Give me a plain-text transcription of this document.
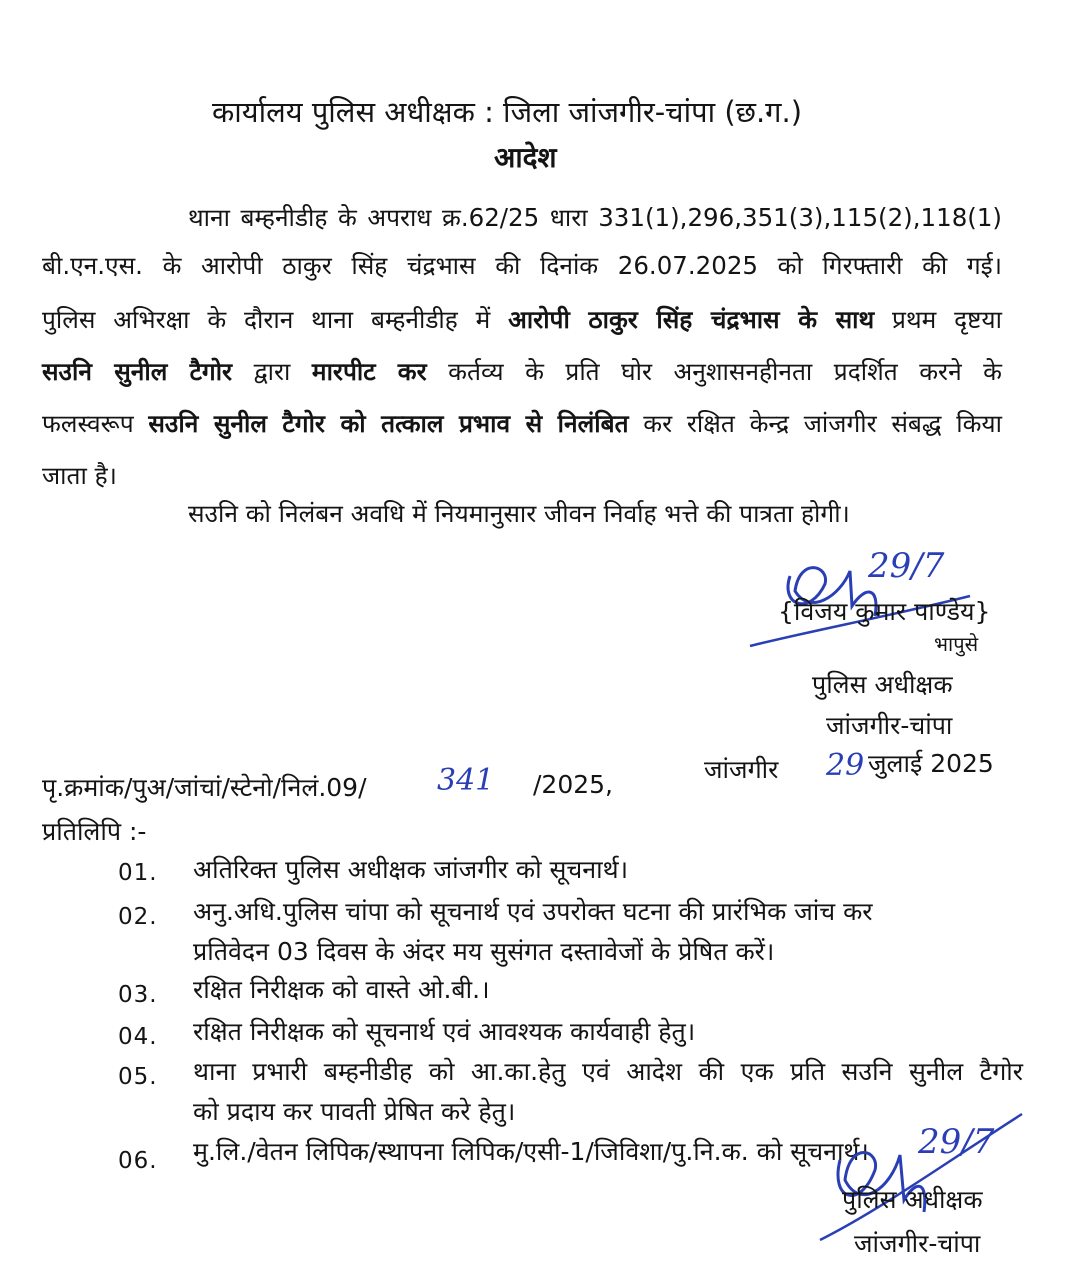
कार्यालय पुलिस अधीक्षक : जिला जांजगीर-चांपा (छ.ग.)
आदेश
थाना बम्हनीडीह के अपराध क्र.62/25 धारा 331(1),296,351(3),115(2),118(1)
बी.एन.एस. के आरोपी ठाकुर सिंह चंद्रभास की दिनांक 26.07.2025 को गिरफ्तारी की गई।
पुलिस अभिरक्षा के दौरान थाना बम्हनीडीह में आरोपी ठाकुर सिंह चंद्रभास के साथ प्रथम दृष्टया
सउनि सुनील टैगोर द्वारा मारपीट कर कर्तव्य के प्रति घोर अनुशासनहीनता प्रदर्शित करने के
फलस्वरूप सउनि सुनील टैगोर को तत्काल प्रभाव से निलंबित कर रक्षित केन्द्र जांजगीर संबद्ध किया
जाता है।
सउनि को निलंबन अवधि में नियमानुसार जीवन निर्वाह भत्ते की पात्रता होगी।
29/7
{विजय कुमार पाण्डेय}
भापुसे
पुलिस अधीक्षक
जांजगीर-चांपा
पृ.क्रमांक/पुअ/जांचां/स्टेनो/निलं.09/ 341 /2025,
जांजगीर 29 जुलाई 2025
प्रतिलिपि :-
01. अतिरिक्त पुलिस अधीक्षक जांजगीर को सूचनार्थ।
02. अनु.अधि.पुलिस चांपा को सूचनार्थ एवं उपरोक्त घटना की प्रारंभिक जांच कर
प्रतिवेदन 03 दिवस के अंदर मय सुसंगत दस्तावेजों के प्रेषित करें।
03. रक्षित निरीक्षक को वास्ते ओ.बी.।
04. रक्षित निरीक्षक को सूचनार्थ एवं आवश्यक कार्यवाही हेतु।
05. थाना प्रभारी बम्हनीडीह को आ.का.हेतु एवं आदेश की एक प्रति सउनि सुनील टैगोर
को प्रदाय कर पावती प्रेषित करे हेतु।
06. मु.लि./वेतन लिपिक/स्थापना लिपिक/एसी-1/जिविशा/पु.नि.क. को सूचनार्थ। 29/7
पुलिस अधीक्षक
जांजगीर-चांपा
